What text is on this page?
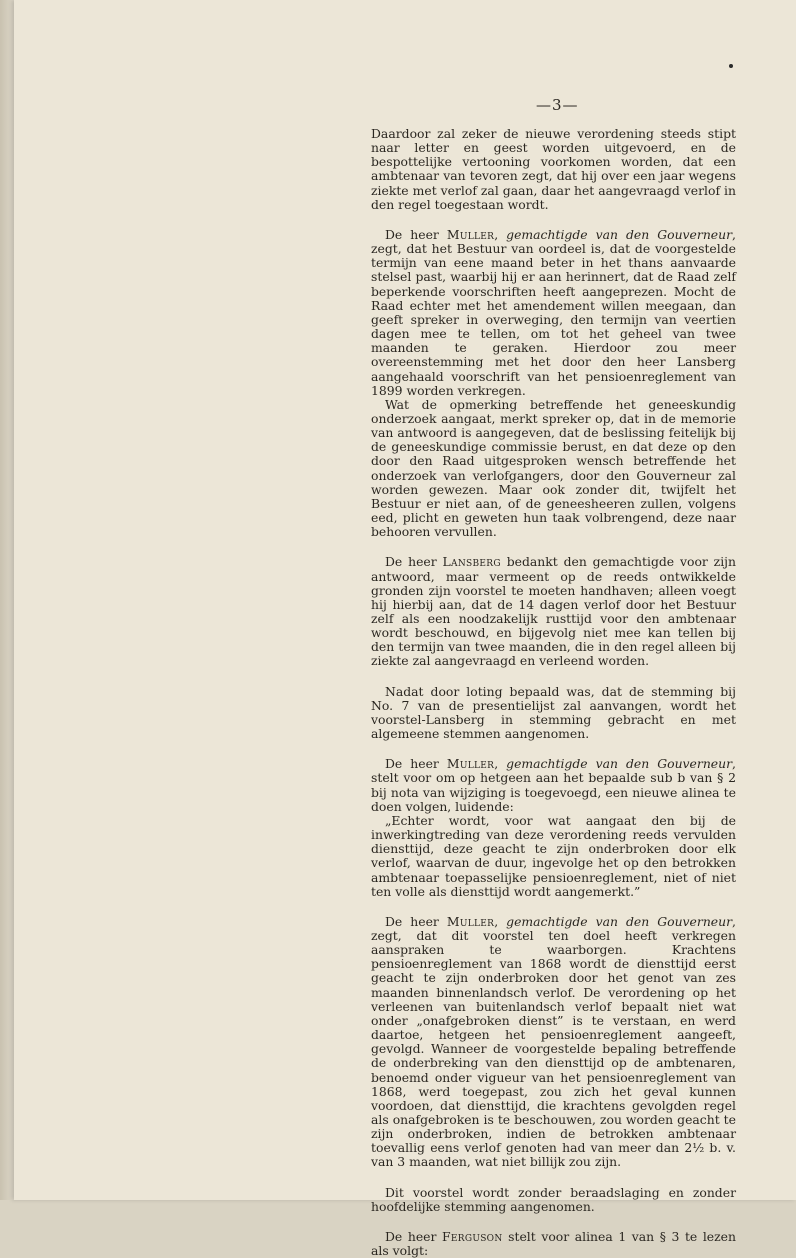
—3—

Daardoor zal zeker de nieuwe verordening steeds stipt naar letter en geest worden uitgevoerd, en de bespottelijke vertooning voorkomen worden, dat een ambtenaar van tevoren zegt, dat hij over een jaar wegens ziekte met verlof zal gaan, daar het aangevraagd verlof in den regel toegestaan wordt.

De heer Muller, gemachtigde van den Gouverneur, zegt, dat het Bestuur van oordeel is, dat de voorgestelde termijn van eene maand beter in het thans aanvaarde stelsel past, waarbij hij er aan herinnert, dat de Raad zelf beperkende voorschriften heeft aangeprezen. Mocht de Raad echter met het amendement willen meegaan, dan geeft spreker in overweging, den termijn van veertien dagen mee te tellen, om tot het geheel van twee maanden te geraken. Hierdoor zou meer overeenstemming met het door den heer Lansberg aangehaald voorschrift van het pensioenreglement van 1899 worden verkregen.

Wat de opmerking betreffende het geneeskundig onderzoek aangaat, merkt spreker op, dat in de memorie van antwoord is aangegeven, dat de beslissing feitelijk bij de geneeskundige commissie berust, en dat deze op den door den Raad uitgesproken wensch betreffende het onderzoek van verlofgangers, door den Gouverneur zal worden gewezen. Maar ook zonder dit, twijfelt het Bestuur er niet aan, of de geneesheeren zullen, volgens eed, plicht en geweten hun taak volbrengend, deze naar behooren vervullen.

De heer Lansberg bedankt den gemachtigde voor zijn antwoord, maar vermeent op de reeds ontwikkelde gronden zijn voorstel te moeten handhaven; alleen voegt hij hierbij aan, dat de 14 dagen verlof door het Bestuur zelf als een noodzakelijk rusttijd voor den ambtenaar wordt beschouwd, en bijgevolg niet mee kan tellen bij den termijn van twee maanden, die in den regel alleen bij ziekte zal aangevraagd en verleend worden.

Nadat door loting bepaald was, dat de stemming bij No. 7 van de presentielijst zal aanvangen, wordt het voorstel-Lansberg in stemming gebracht en met algemeene stemmen aangenomen.

De heer Muller, gemachtigde van den Gouverneur, stelt voor om op hetgeen aan het bepaalde sub b van § 2 bij nota van wijziging is toegevoegd, een nieuwe alinea te doen volgen, luidende:

„Echter wordt, voor wat aangaat den bij de inwerkingtreding van deze verordening reeds vervulden diensttijd, deze geacht te zijn onderbroken door elk verlof, waarvan de duur, ingevolge het op den betrokken ambtenaar toepasselijke pensioenreglement, niet of niet ten volle als diensttijd wordt aangemerkt.”

De heer Muller, gemachtigde van den Gouverneur, zegt, dat dit voorstel ten doel heeft verkregen aanspraken te waarborgen. Krachtens pensioenreglement van 1868 wordt de diensttijd eerst geacht te zijn onderbroken door het genot van zes maanden binnenlandsch verlof. De verordening op het verleenen van buitenlandsch verlof bepaalt niet wat onder „onafgebroken dienst” is te verstaan, en werd daartoe, hetgeen het pensioenreglement aangeeft, gevolgd. Wanneer de voorgestelde bepaling betreffende de onderbreking van den diensttijd op de ambtenaren, benoemd onder vigueur van het pensioenreglement van 1868, werd toegepast, zou zich het geval kunnen voordoen, dat diensttijd, die krachtens gevolgden regel als onafgebroken is te beschouwen, zou worden geacht te zijn onderbroken, indien de betrokken ambtenaar toevallig eens verlof genoten had van meer dan 2½ b. v. van 3 maanden, wat niet billijk zou zijn.

Dit voorstel wordt zonder beraadslaging en zonder hoofdelijke stemming aangenomen.

De heer Ferguson stelt voor alinea 1 van § 3 te lezen als volgt:
